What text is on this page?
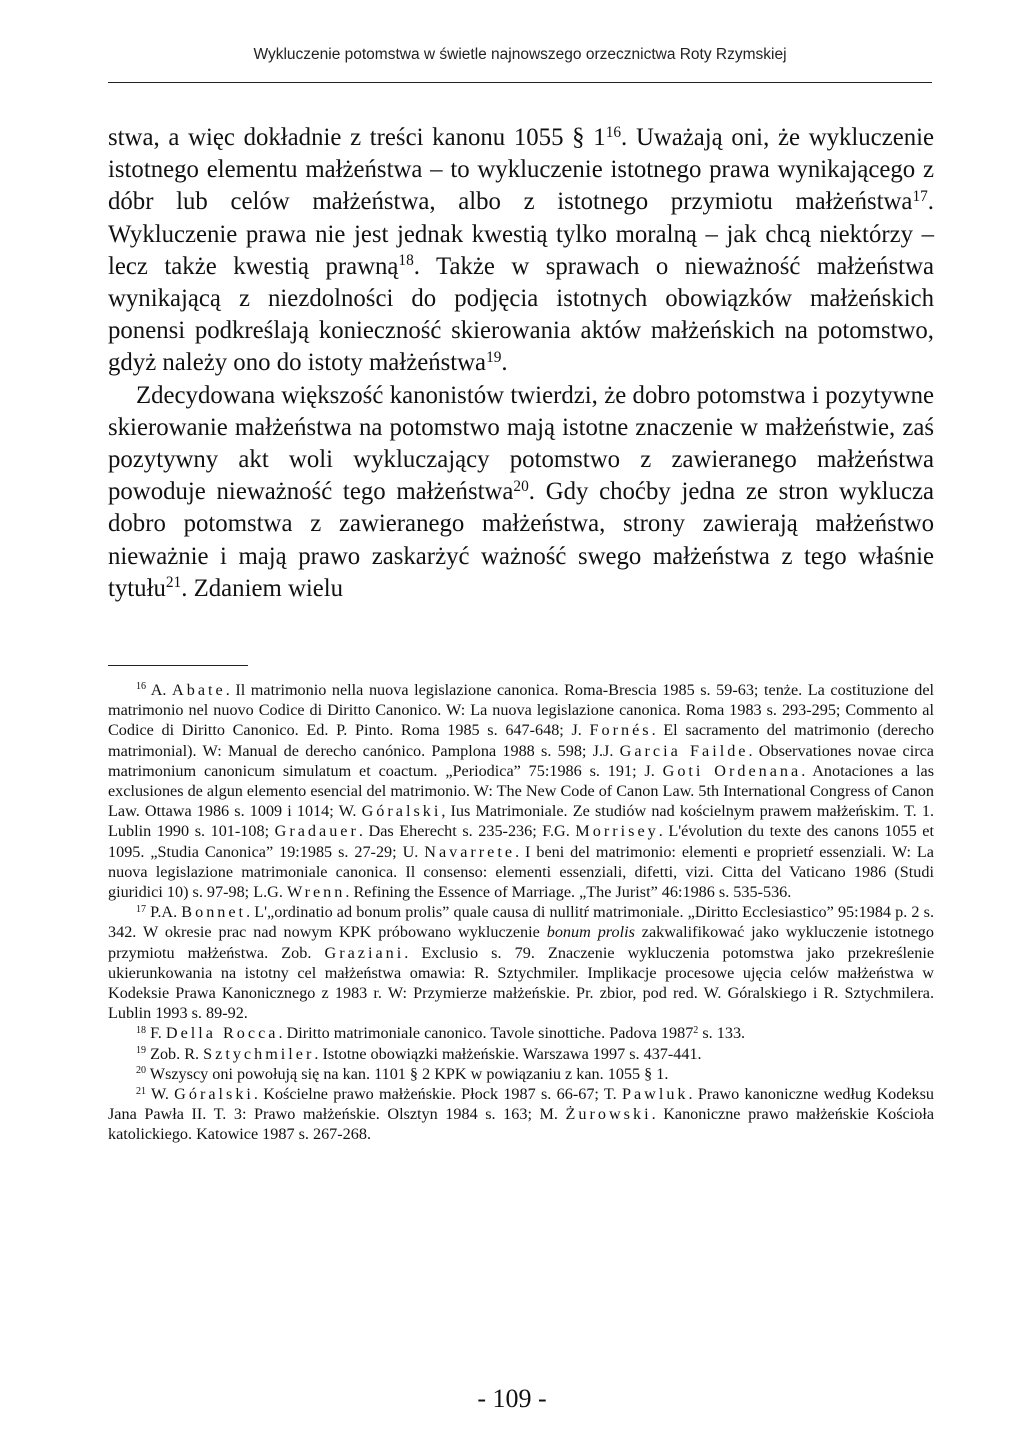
Wykluczenie potomstwa w świetle najnowszego orzecznictwa Roty Rzymskiej

stwa, a więc dokładnie z treści kanonu 1055 § $1^{16}$. Uważają oni, że wykluczenie istotnego elementu małżeństwa – to wykluczenie istotnego prawa wynikającego z dóbr lub celów małżeństwa, albo z istotnego przymiotu małżeństwa$^{17}$. Wykluczenie prawa nie jest jednak kwestią tylko moralną – jak chcą niektórzy – lecz także kwestią prawną$^{18}$. Także w sprawach o nieważność małżeństwa wynikającą z niezdolności do podjęcia istotnych obowiązków małżeńskich ponensi podkreślają konieczność skierowania aktów małżeńskich na potomstwo, gdyż należy ono do istoty małżeństwa$^{19}$.

Zdecydowana większość kanonistów twierdzi, że dobro potomstwa i pozytywne skierowanie małżeństwa na potomstwo mają istotne znaczenie w małżeństwie, zaś pozytywny akt woli wykluczający potomstwo z zawieranego małżeństwa powoduje nieważność tego małżeństwa$^{20}$. Gdy choćby jedna ze stron wyklucza dobro potomstwa z zawieranego małżeństwa, strony zawierają małżeństwo nieważnie i mają prawo zaskarżyć ważność swego małżeństwa z tego właśnie tytułu$^{21}$. Zdaniem wielu

$^{16}$ A. Abate. Il matrimonio nella nuova legislazione canonica. Roma-Brescia 1985 s. 59-63; tenże. La costituzione del matrimonio nel nuovo Codice di Diritto Canonico. W: La nuova legislazione canonica. Roma 1983 s. 293-295; Commento al Codice di Diritto Canonico. Ed. P. Pinto. Roma 1985 s. 647-648; J. Fornés. El sacramento del matrimonio (derecho matrimonial). W: Manual de derecho canónico. Pamplona 1988 s. 598; J.J. Garcia Failde. Observationes novae circa matrimonium canonicum simulatum et coactum. „Periodica” 75:1986 s. 191; J. Goti Ordenana. Anotaciones a las exclusiones de algun elemento esencial del matrimonio. W: The New Code of Canon Law. 5th International Congress of Canon Law. Ottawa 1986 s. 1009 i 1014; W. Góralski, Ius Matrimoniale. Ze studiów nad kościelnym prawem małżeńskim. T. 1. Lublin 1990 s. 101-108; Gradauer. Das Eherecht s. 235-236; F.G. Morrisey. L'évolution du texte des canons 1055 et 1095. „Studia Canonica” 19:1985 s. 27-29; U. Navarrete. I beni del matrimonio: elementi e proprietŕ essenziali. W: La nuova legislazione matrimoniale canonica. Il consenso: elementi essenziali, difetti, vizi. Citta del Vaticano 1986 (Studi giuridici 10) s. 97-98; L.G. Wrenn. Refining the Essence of Marriage. „The Jurist” 46:1986 s. 535-536.

$^{17}$ P.A. Bonnet. L'„ordinatio ad bonum prolis” quale causa di nullitŕ matrimoniale. „Diritto Ecclesiastico” 95:1984 p. 2 s. 342. W okresie prac nad nowym KPK próbowano wykluczenie bonum prolis zakwalifikować jako wykluczenie istotnego przymiotu małżeństwa. Zob. Graziani. Exclusio s. 79. Znaczenie wykluczenia potomstwa jako przekreślenie ukierunkowania na istotny cel małżeństwa omawia: R. Sztychmiler. Implikacje procesowe ujęcia celów małżeństwa w Kodeksie Prawa Kanonicznego z 1983 r. W: Przymierze małżeńskie. Pr. zbior, pod red. W. Góralskiego i R. Sztychmilera. Lublin 1993 s. 89-92.

$^{18}$ F. Della Rocca. Diritto matrimoniale canonico. Tavole sinottiche. Padova 1987$^2$ s. 133.

$^{19}$ Zob. R. Sztychmiler. Istotne obowiązki małżeńskie. Warszawa 1997 s. 437-441.

$^{20}$ Wszyscy oni powołują się na kan. 1101 § 2 KPK w powiązaniu z kan. 1055 § 1.

$^{21}$ W. Góralski. Kościelne prawo małżeńskie. Płock 1987 s. 66-67; T. Pawluk. Prawo kanoniczne według Kodeksu Jana Pawła II. T. 3: Prawo małżeńskie. Olsztyn 1984 s. 163; M. Żurowski. Kanoniczne prawo małżeńskie Kościoła katolickiego. Katowice 1987 s. 267-268.

- 109 -
